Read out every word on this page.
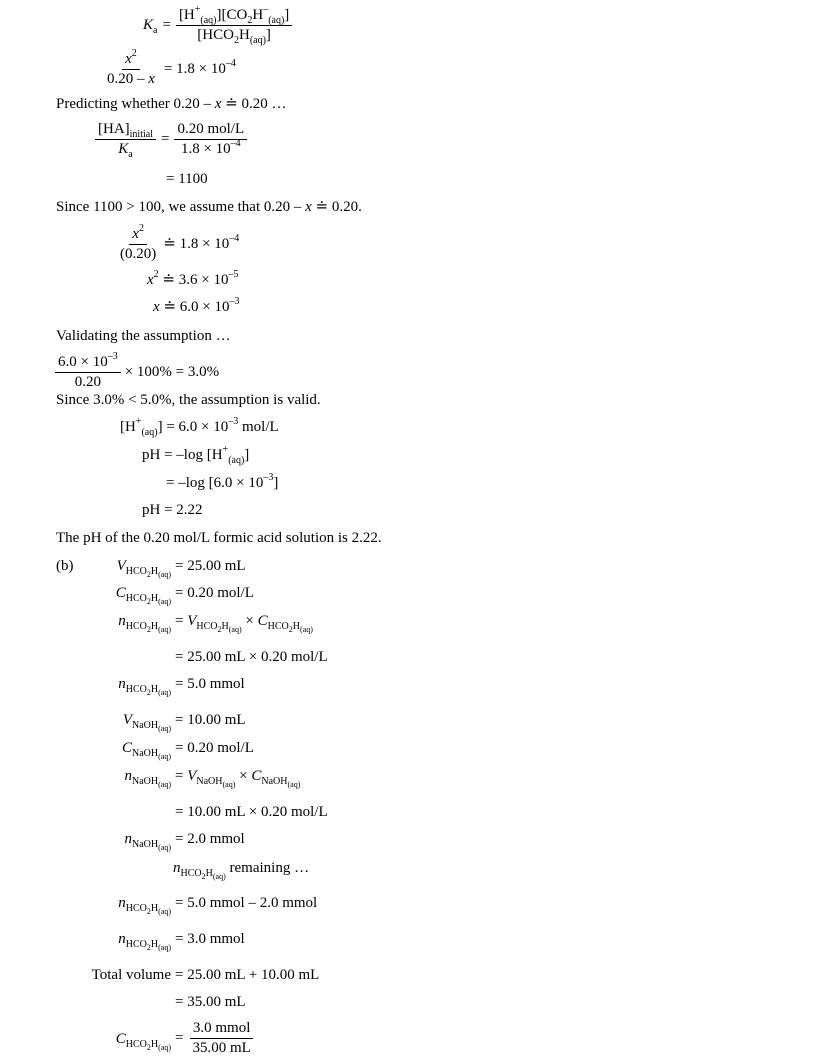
$K_a = \frac{[H^+_{(aq)}][CO_2H^-_{(aq)}]}{[HCO_2H_{(aq)}]}$
$\frac{x^2}{0.20 - x} = 1.8 \times 10^{-4}$
Predicting whether 0.20 – x ≐ 0.20 …
$\frac{[HA]_{initial}}{K_a} = \frac{\text{0.20 mol/L}}{1.8 \times 10^{-4}}$
= 1100
Since 1100 > 100, we assume that 0.20 – x ≐ 0.20.
$\frac{x^2}{(0.20)}$ ≐ $1.8 \times 10^{-4}$
$x^2$ ≐ $3.6 \times 10^{-5}$
x ≐ $6.0 \times 10^{-3}$
Validating the assumption …
$\frac{6.0 \times 10^{-3}}{0.20} \times 100\% = 3.0\%$
Since 3.0% < 5.0%, the assumption is valid.
$[H^+_{(aq)}] = 6.0 \times 10^{-3}$ mol/L
pH = –log $[H^+_{(aq)}]$
= –log $[6.0 \times 10^{-3}]$
pH = 2.22
The pH of the 0.20 mol/L formic acid solution is 2.22.
(b)	$V_{HCO_2H_{(aq)}}$
= 25.00 mL
$C_{HCO_2H_{(aq)}}$
= 0.20 mol/L
$n_{HCO_2H_{(aq)}}$
= $V_{HCO_2H_{(aq)}} \times C_{HCO_2H_{(aq)}}$
= 25.00 mL × 0.20 mol/L
$n_{HCO_2H_{(aq)}}$
= 5.0 mmol
$V_{NaOH_{(aq)}}$
= 10.00 mL
$C_{NaOH_{(aq)}}$
= 0.20 mol/L
$n_{NaOH_{(aq)}}$
= $V_{NaOH_{(aq)}} \times C_{NaOH_{(aq)}}$
= 10.00 mL × 0.20 mol/L
$n_{NaOH_{(aq)}}$
= 2.0 mmol
$n_{HCO_2H_{(aq)}}$ remaining …
$n_{HCO_2H_{(aq)}}$
= 5.0 mmol – 2.0 mmol
$n_{HCO_2H_{(aq)}}$
= 3.0 mmol
Total volume = 25.00 mL + 10.00 mL
= 35.00 mL
$C_{HCO_2H_{(aq)}}$
= $\frac{\text{3.0 mmol}}{35.00 mL}$
